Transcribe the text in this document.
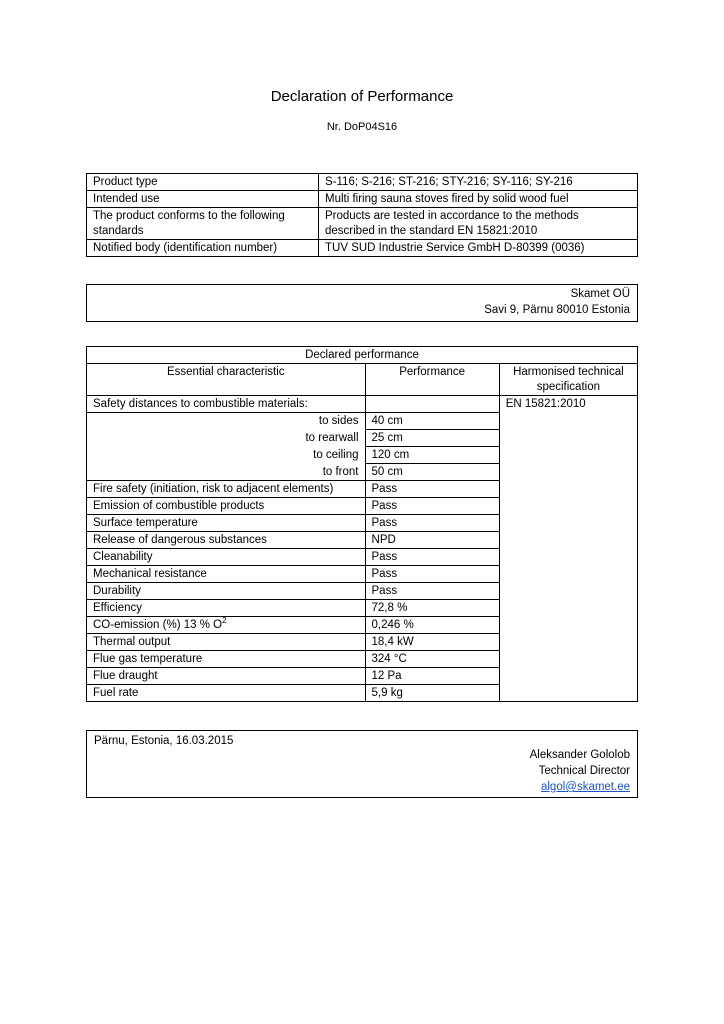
Declaration of Performance
Nr. DoP04S16
Product type	S-116; S-216; ST-216; STY-216; SY-116; SY-216
Intended use	Multi firing sauna stoves fired by solid wood fuel
The product conforms to the following standards	Products are tested in accordance to the methods described in the standard EN 15821:2010
Notified body (identification number)	TUV SUD Industrie Service GmbH D-80399 (0036)
Skamet OÜ
Savi 9, Pärnu 80010 Estonia
Declared performance		
Essential characteristic	Performance	Harmonised technical specification
Safety distances to combustible materials:		EN 15821:2010
to sides	40 cm	
to rearwall	25 cm	
to ceiling	120 cm	
to front	50 cm	
Fire safety (initiation, risk to adjacent elements)	Pass	
Emission of combustible products	Pass	
Surface temperature	Pass	
Release of dangerous substances	NPD	
Cleanability	Pass	
Mechanical resistance	Pass	
Durability	Pass	
Efficiency	72,8 %	
CO-emission (%) 13 % $O^2$	0,246 %	
Thermal output	18,4 kW	
Flue gas temperature	324 °C	
Flue draught	12 Pa	
Fuel rate	5,9 kg	
Pärnu, Estonia, 16.03.2015
Aleksander Gololob
Technical Director
algol@skamet.ee
